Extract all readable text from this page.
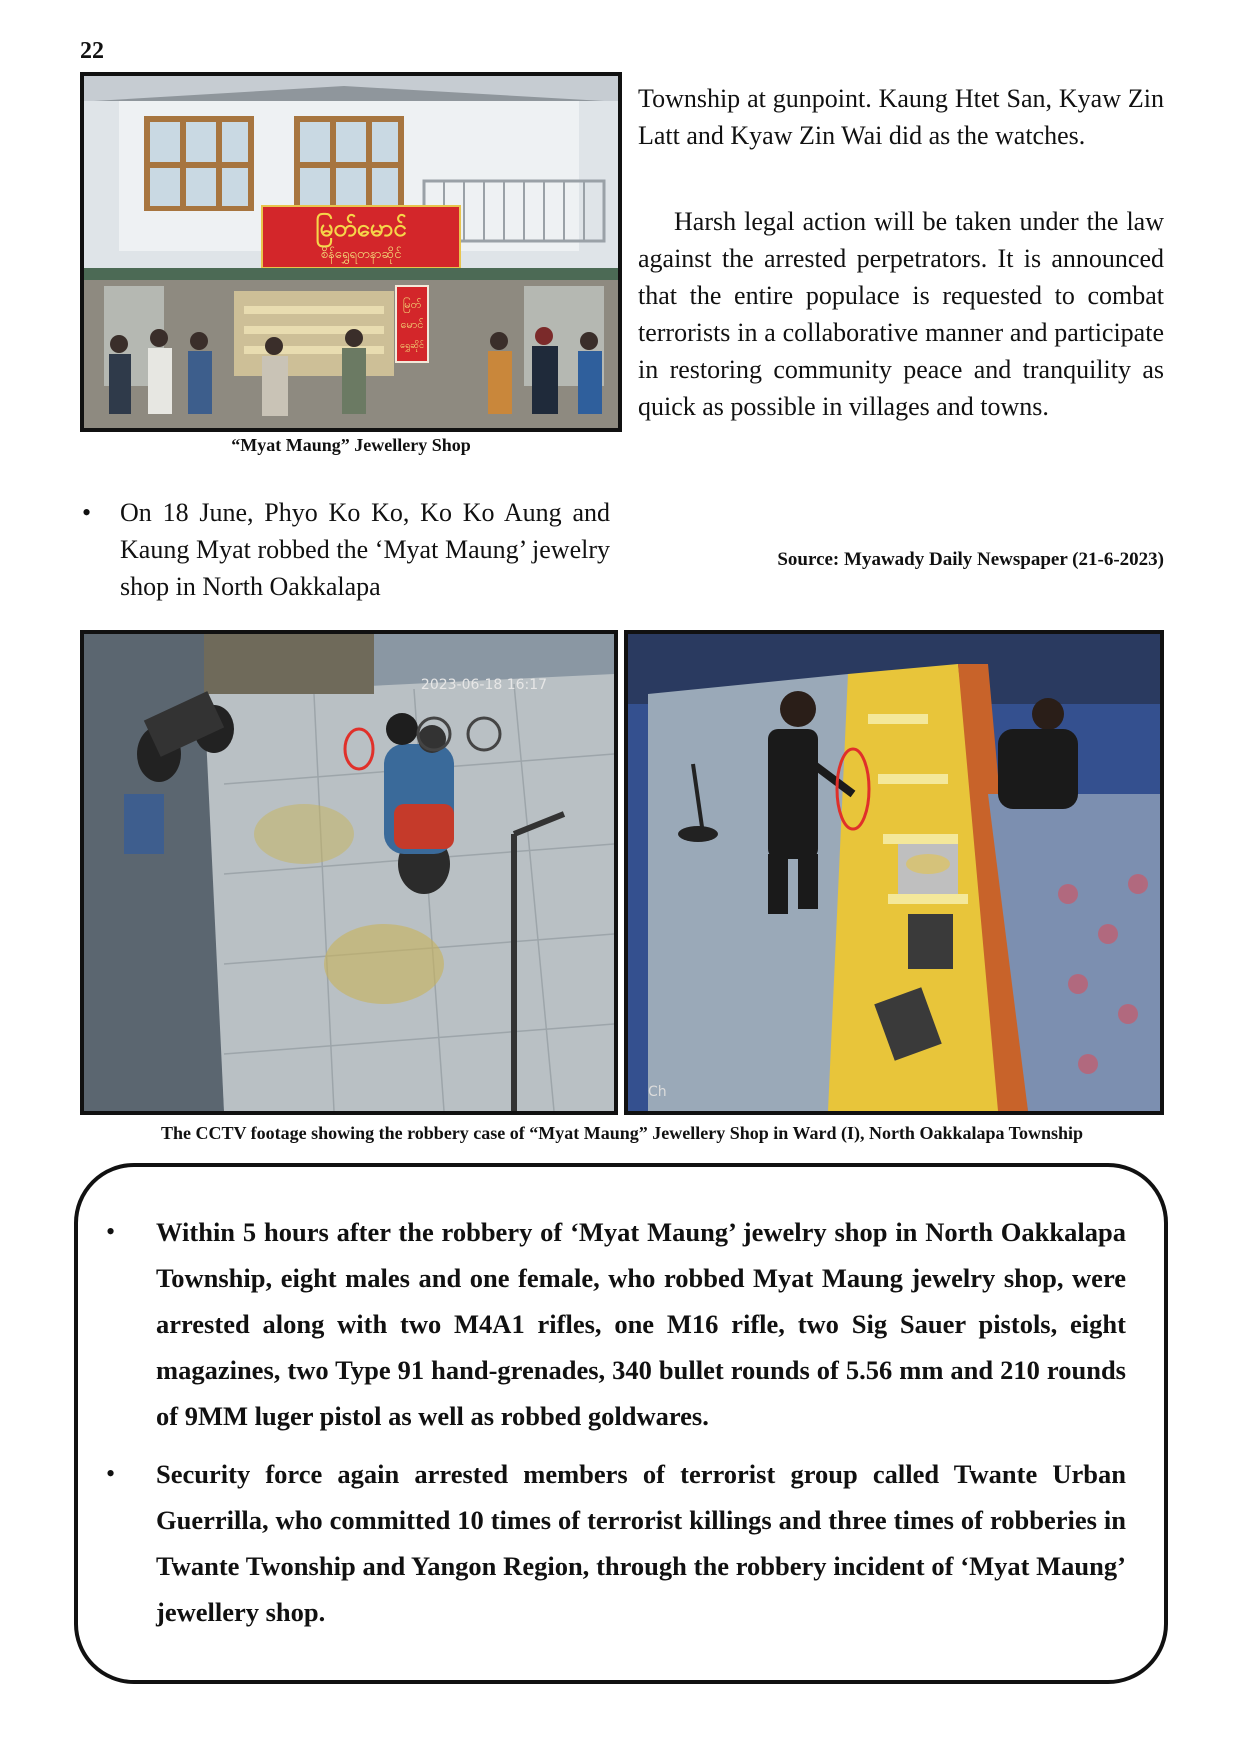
22
မြတ်မောင်
စိန်ရွှေရတနာဆိုင်
မြတ်
မောင်
ရွှေဆိုင်
“Myat Maung” Jewellery Shop

Township at gunpoint. Kaung Htet San, Kyaw Zin Latt and Kyaw Zin Wai did as the watches.

Harsh legal action will be taken under the law against the arrested perpetrators. It is announced that the entire populace is requested to combat terrorists in a collaborative manner and participate in restoring community peace and tranquility as quick as possible in villages and towns.

Source: Myawady Daily Newspaper (21-6-2023)
• On 18 June, Phyo Ko Ko, Ko Ko Aung and Kaung Myat robbed the ‘Myat Maung’ jewelry shop in North Oakkalapa

2023-06-18 16:17
Ch
The CCTV footage showing the robbery case of “Myat Maung” Jewellery Shop in Ward (I), North Oakkalapa Township
• Within 5 hours after the robbery of ‘Myat Maung’ jewelry shop in North Oakkalapa Township, eight males and one female, who robbed Myat Maung jewelry shop, were arrested along with two M4A1 rifles, one M16 rifle, two Sig Sauer pistols, eight magazines, two Type 91 hand-grenades, 340 bullet rounds of 5.56 mm and 210 rounds of 9MM luger pistol as well as robbed goldwares.

• Security force again arrested members of terrorist group called Twante Urban Guerrilla, who committed 10 times of terrorist killings and three times of robberies in Twante Twonship and Yangon Region, through the robbery incident of ‘Myat Maung’ jewellery shop.
